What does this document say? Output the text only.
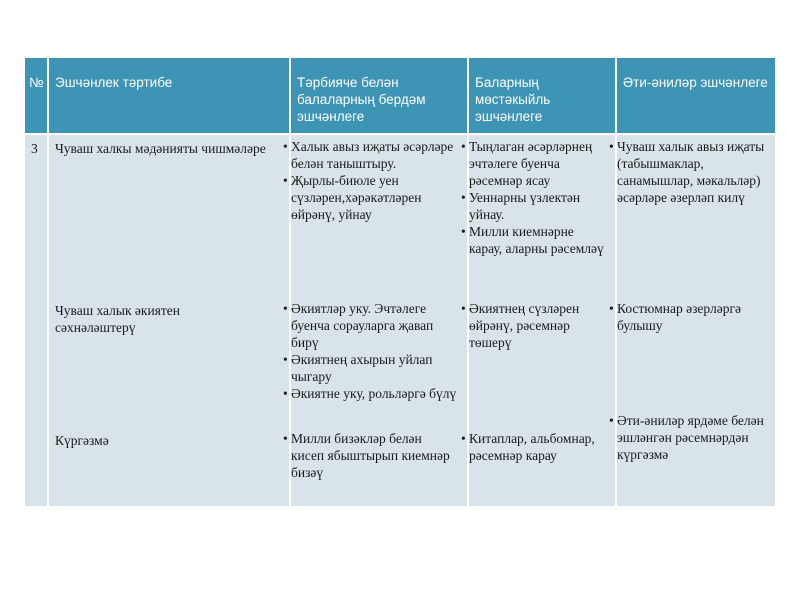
№ Эшчәнлек тәртибе	Тәрбияче белән балаларның бердәм эшчәнлеге
Баларның мөстәкыйль эшчәнлеге
Әти-әниләр эшчәнлеге
3 Чуваш халкы мәдәнияты чишмәләре
Чуваш халык әкиятен сәхнәләштерү
Күргәзмә
• Халык авыз иҗаты әсәрләре белән таныштыру.
• Җырлы-биюле уен сүзләрен,хәрәкәтләрен өйрәнү, уйнау
• Әкиятләр уку. Эчтәлеге буенча сорауларга җавап бирү
• Әкиятнең ахырын уйлап чыгару
• Әкиятне уку, рольләргә бүлү
• Милли бизәкләр белән кисеп ябыштырып киемнәр бизәү
• Тыңлаган әсәрләрнең эчтәлеге буенча рәсемнәр ясау
• Уеннарны үзлектән уйнау.
• Милли киемнәрне карау, аларны рәсемләү
• Әкиятнең сүзләрен өйрәнү, рәсемнәр төшерү
• Китаплар, альбомнар, рәсемнәр карау
• Чуваш халык авыз иҗаты (табышмаклар, санамышлар, мәкальләр) әсәрләре әзерләп килү
• Костюмнар әзерләргә булышу
• Әти-әниләр ярдәме белән эшләнгән рәсемнәрдән күргәзмә
